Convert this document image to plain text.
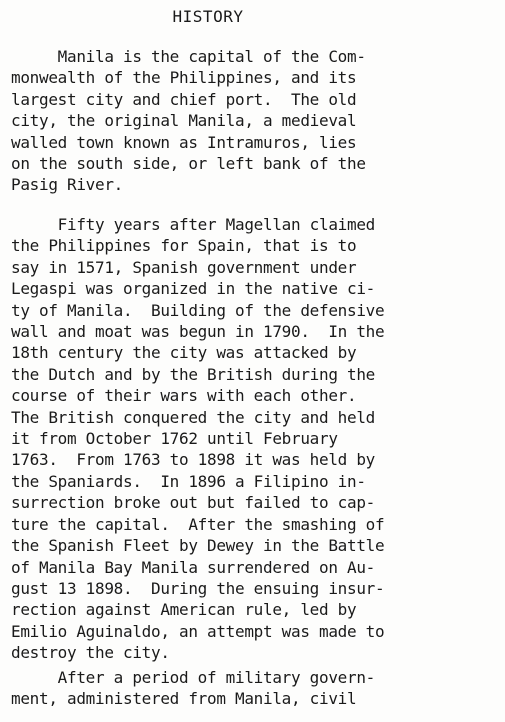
HISTORY
Manila is the capital of the Com-
monwealth of the Philippines, and its
largest city and chief port.  The old
city, the original Manila, a medieval
walled town known as Intramuros, lies
on the south side, or left bank of the
Pasig River.
Fifty years after Magellan claimed
the Philippines for Spain, that is to
say in 1571, Spanish government under
Legaspi was organized in the native ci-
ty of Manila.  Building of the defensive
wall and moat was begun in 1790.  In the
18th century the city was attacked by
the Dutch and by the British during the
course of their wars with each other.
The British conquered the city and held
it from October 1762 until February
1763.  From 1763 to 1898 it was held by
the Spaniards.  In 1896 a Filipino in-
surrection broke out but failed to cap-
ture the capital.  After the smashing of
the Spanish Fleet by Dewey in the Battle
of Manila Bay Manila surrendered on Au-
gust 13 1898.  During the ensuing insur-
rection against American rule, led by
Emilio Aguinaldo, an attempt was made to
destroy the city.
After a period of military govern-
ment, administered from Manila, civil
